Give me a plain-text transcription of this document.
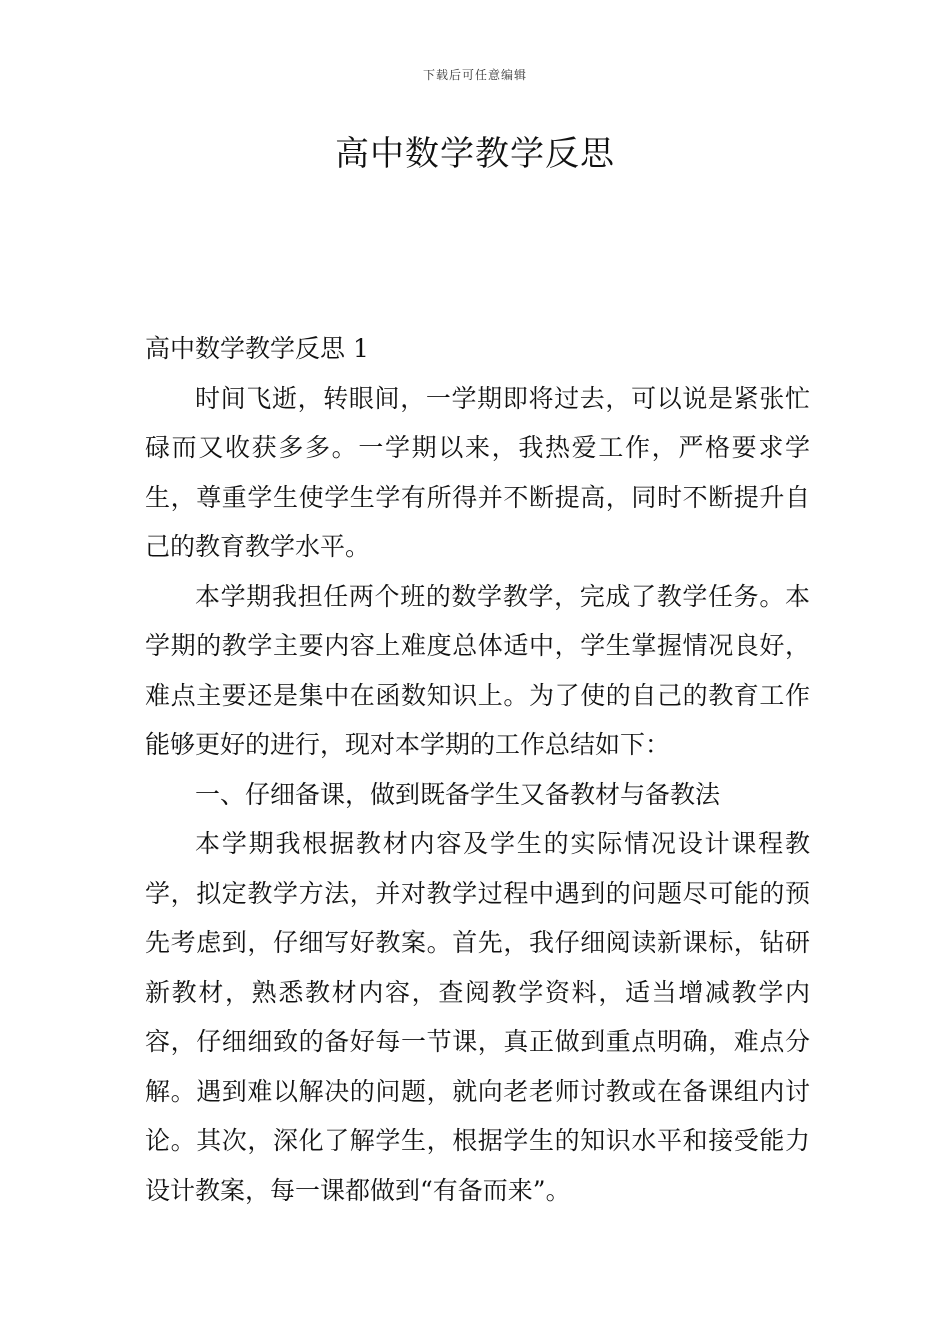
下载后可任意编辑
高中数学教学反思

高中数学教学反思 1

时间飞逝，转眼间，一学期即将过去，可以说是紧张忙碌而又收获多多。一学期以来，我热爱工作，严格要求学生，尊重学生使学生学有所得并不断提高，同时不断提升自己的教育教学水平。

本学期我担任两个班的数学教学，完成了教学任务。本学期的教学主要内容上难度总体适中，学生掌握情况良好，难点主要还是集中在函数知识上。为了使的自己的教育工作能够更好的进行，现对本学期的工作总结如下：

一、仔细备课，做到既备学生又备教材与备教法

本学期我根据教材内容及学生的实际情况设计课程教学，拟定教学方法，并对教学过程中遇到的问题尽可能的预先考虑到，仔细写好教案。首先，我仔细阅读新课标，钻研新教材，熟悉教材内容，查阅教学资料，适当增减教学内容，仔细细致的备好每一节课，真正做到重点明确，难点分解。遇到难以解决的问题，就向老老师讨教或在备课组内讨论。其次，深化了解学生，根据学生的知识水平和接受能力设计教案，每一课都做到“有备而来”。
